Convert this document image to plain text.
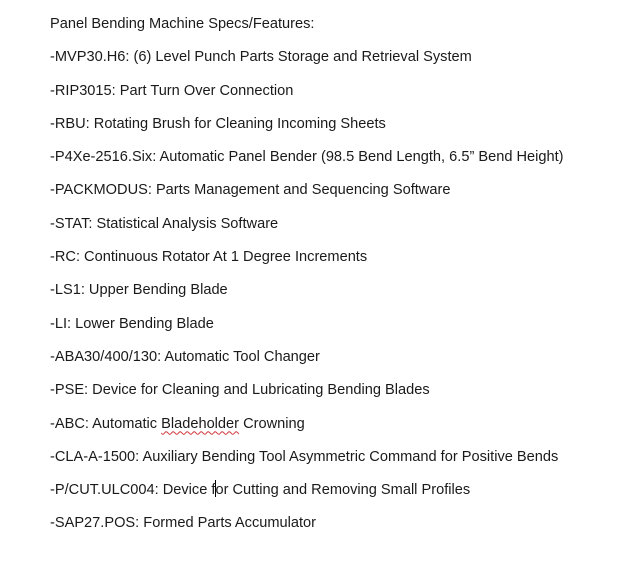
Panel Bending Machine Specs/Features:
-MVP30.H6: (6) Level Punch Parts Storage and Retrieval System
-RIP3015: Part Turn Over Connection
-RBU: Rotating Brush for Cleaning Incoming Sheets
-P4Xe-2516.Six: Automatic Panel Bender (98.5 Bend Length, 6.5” Bend Height)
-PACKMODUS: Parts Management and Sequencing Software
-STAT: Statistical Analysis Software
-RC: Continuous Rotator At 1 Degree Increments
-LS1: Upper Bending Blade
-LI: Lower Bending Blade
-ABA30/400/130: Automatic Tool Changer
-PSE: Device for Cleaning and Lubricating Bending Blades
-ABC: Automatic Bladeholder Crowning
-CLA-A-1500: Auxiliary Bending Tool Asymmetric Command for Positive Bends
-P/CUT.ULC004: Device for Cutting and Removing Small Profiles
-SAP27.POS: Formed Parts Accumulator
